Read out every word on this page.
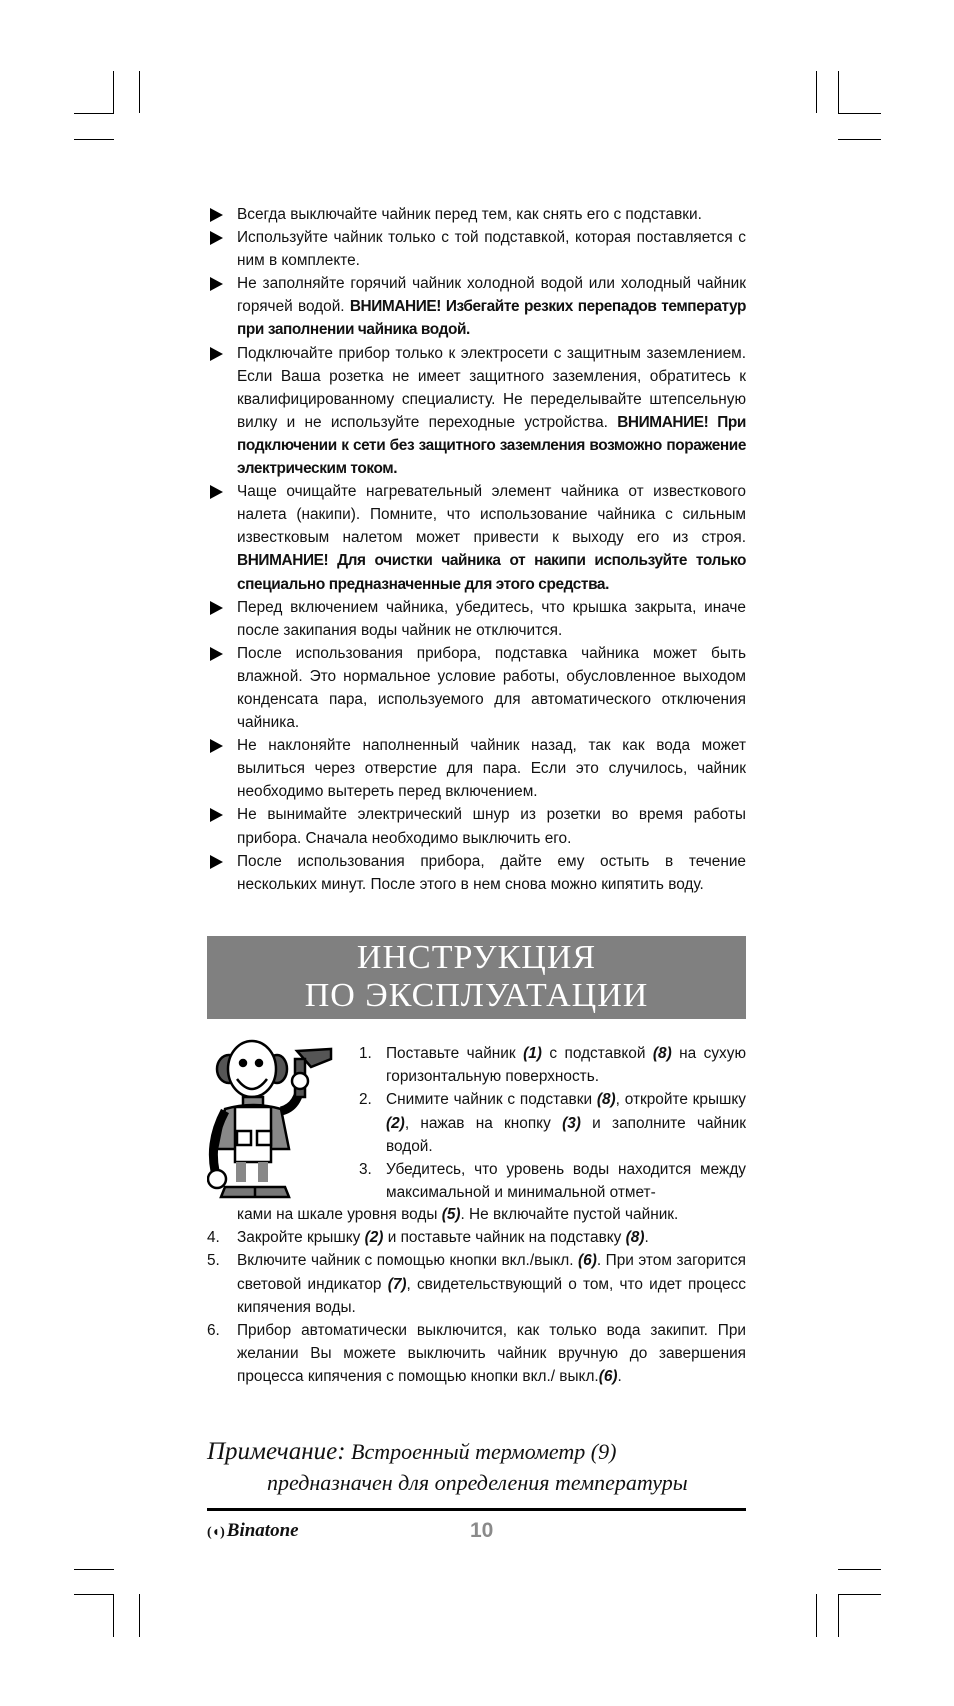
Всегда выключайте чайник перед тем, как снять его с подставки.
Используйте чайник только с той подставкой, которая поставляется с ним в комплекте.
Не заполняйте горячий чайник холодной водой или холодный чайник горячей водой. ВНИМАНИЕ! Избегайте резких перепадов температур при заполнении чайника водой.
Подключайте прибор только к электросети с защитным заземлением. Если Ваша розетка не имеет защитного заземления, обратитесь к квалифицированному специалисту. Не переделывайте штепсельную вилку и не используйте переходные устройства. ВНИМАНИЕ! При подключении к сети без защитного заземления возможно поражение электрическим током.
Чаще очищайте нагревательный элемент чайника от известкового налета (накипи). Помните, что использование чайника с сильным известковым налетом может привести к выходу его из строя. ВНИМАНИЕ! Для очистки чайника от накипи используйте только специально предназначенные для этого средства.
Перед включением чайника, убедитесь, что крышка закрыта, иначе после закипания воды чайник не отключится.
После использования прибора, подставка чайника может быть влажной. Это нормальное условие работы, обусловленное выходом конденсата пара, используемого для автоматического отключения чайника.
Не наклоняйте наполненный чайник назад, так как вода может вылиться через отверстие для пара. Если это случилось, чайник необходимо вытереть перед включением.
Не вынимайте электрический шнур из розетки во время работы прибора. Сначала необходимо выключить его.
После использования прибора, дайте ему остыть в течение нескольких минут. После этого в нем снова можно кипятить воду.
ИНСТРУКЦИЯ
ПО ЭКСПЛУАТАЦИИ
1. Поставьте чайник (1) с подставкой (8) на сухую горизонтальную поверхность.
2. Снимите чайник с подставки (8), откройте крышку (2), нажав на кнопку (3) и заполните чайник водой.
3. Убедитесь, что уровень воды находится между максимальной и минимальной отмет-
ками на шкале уровня воды (5). Не включайте пустой чайник.
4. Закройте крышку (2) и поставьте чайник на подставку (8).
5. Включите чайник с помощью кнопки вкл./выкл. (6). При этом загорится световой индикатор (7), свидетельствующий о том, что идет процесс кипячения воды.
6. Прибор автоматически выключится, как только вода закипит. При желании Вы можете выключить чайник вручную до завершения процесса кипячения с помощью кнопки вкл./ выкл.(6).
Примечание: Встроенный термометр (9)
предназначен для определения температуры
(◖) Binatone	10
